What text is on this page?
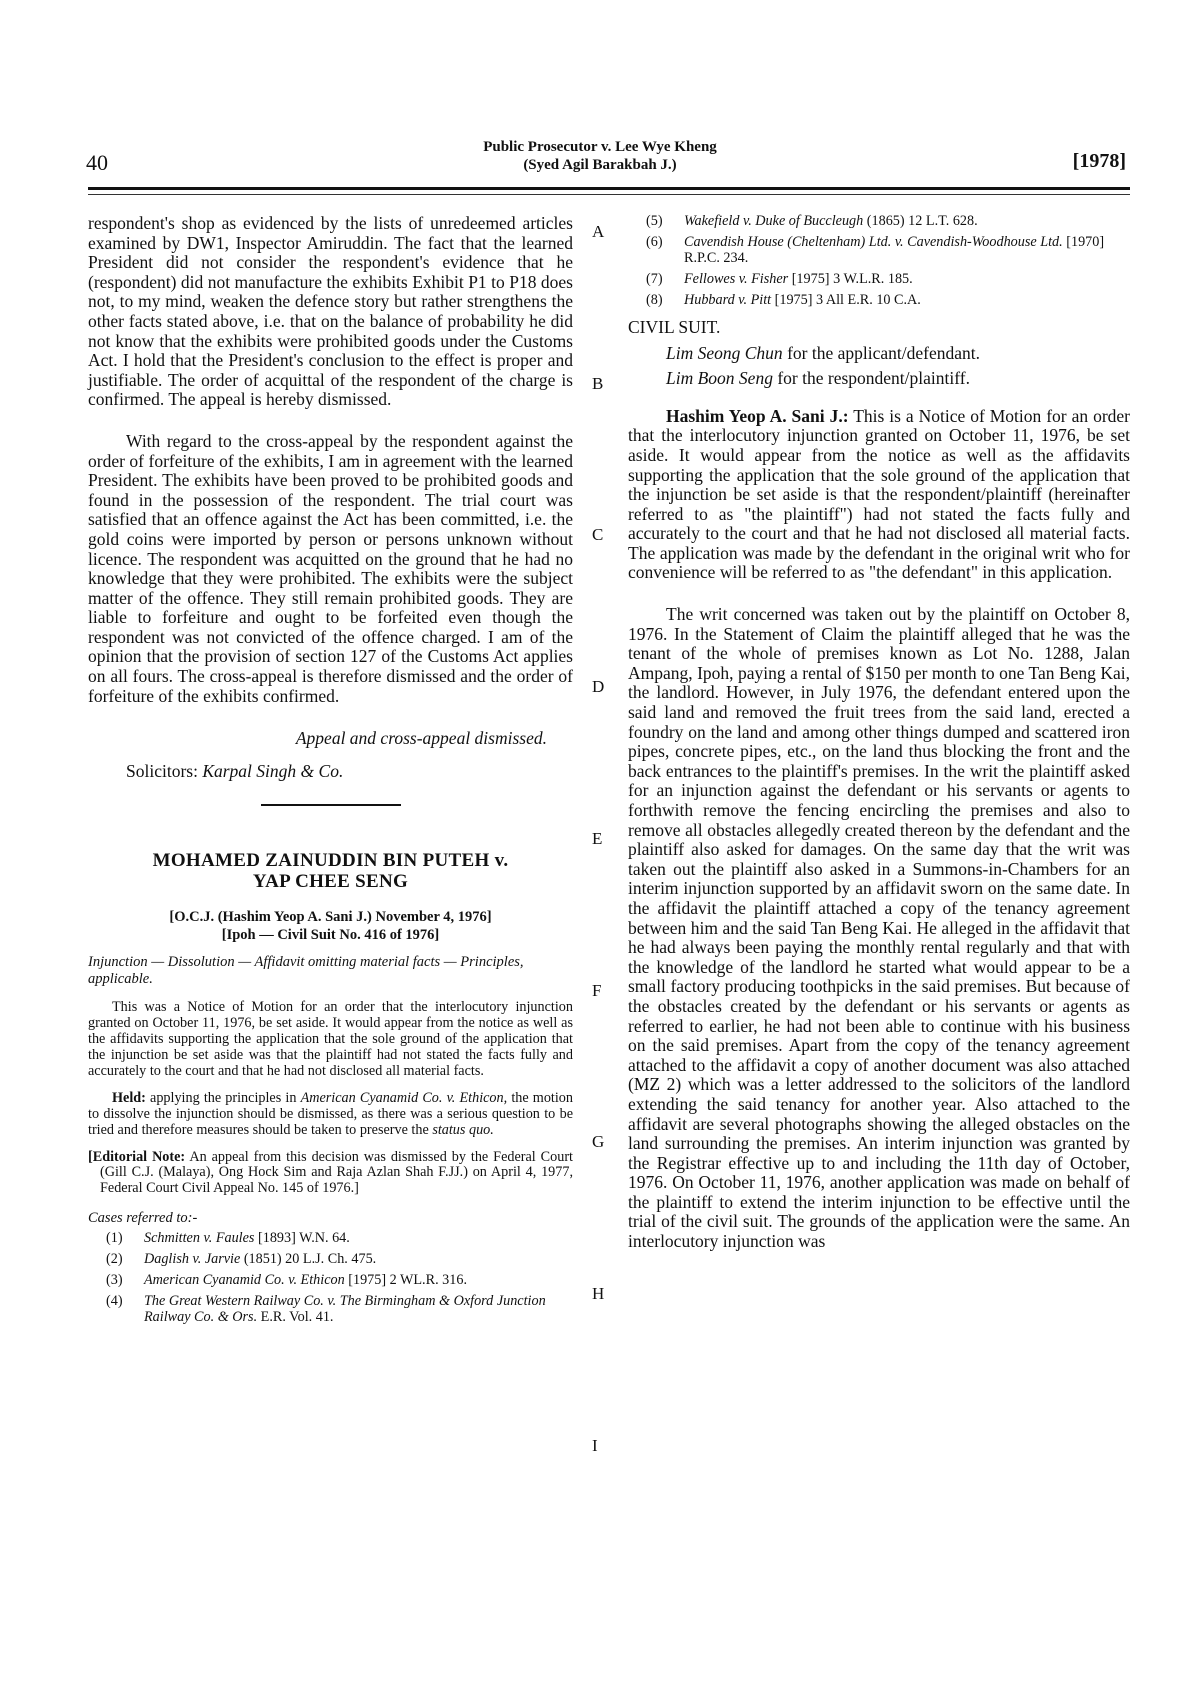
40
Public Prosecutor v. Lee Wye Kheng
(Syed Agil Barakbah J.)	[1978]
A
B
C
D
E
F
G
H
I

respondent's shop as evidenced by the lists of unredeemed articles examined by DW1, Inspector Amiruddin. The fact that the learned President did not consider the respondent's evidence that he (respondent) did not manufacture the exhibits Exhibit P1 to P18 does not, to my mind, weaken the defence story but rather strengthens the other facts stated above, i.e. that on the balance of probability he did not know that the exhibits were prohibited goods under the Customs Act. I hold that the President's conclusion to the effect is proper and justifiable. The order of acquittal of the respondent of the charge is confirmed. The appeal is hereby dismissed.

With regard to the cross-appeal by the respondent against the order of forfeiture of the exhibits, I am in agreement with the learned President. The exhibits have been proved to be prohibited goods and found in the possession of the respondent. The trial court was satisfied that an offence against the Act has been committed, i.e. the gold coins were imported by person or persons unknown without licence. The respondent was acquitted on the ground that he had no knowledge that they were prohibited. The exhibits were the subject matter of the offence. They still remain prohibited goods. They are liable to forfeiture and ought to be forfeited even though the respondent was not convicted of the offence charged. I am of the opinion that the provision of section 127 of the Customs Act applies on all fours. The cross-appeal is therefore dismissed and the order of forfeiture of the exhibits confirmed.

Appeal and cross-appeal dismissed.

Solicitors: Karpal Singh & Co.

MOHAMED ZAINUDDIN BIN PUTEH v.
YAP CHEE SENG

[O.C.J. (Hashim Yeop A. Sani J.) November 4, 1976]

[Ipoh — Civil Suit No. 416 of 1976]

Injunction — Dissolution — Affidavit omitting material facts — Principles, applicable.

This was a Notice of Motion for an order that the interlocutory injunction granted on October 11, 1976, be set aside. It would appear from the notice as well as the affidavits supporting the application that the sole ground of the application that the injunction be set aside was that the plaintiff had not stated the facts fully and accurately to the court and that he had not disclosed all material facts.

Held: applying the principles in American Cyanamid Co. v. Ethicon, the motion to dissolve the injunction should be dismissed, as there was a serious question to be tried and therefore measures should be taken to preserve the status quo.

[Editorial Note: An appeal from this decision was dismissed by the Federal Court (Gill C.J. (Malaya), Ong Hock Sim and Raja Azlan Shah F.JJ.) on April 4, 1977, Federal Court Civil Appeal No. 145 of 1976.]

Cases referred to:-

(1) Schmitten v. Faules [1893] W.N. 64.
(2) Daglish v. Jarvie (1851) 20 L.J. Ch. 475.
(3) American Cyanamid Co. v. Ethicon [1975] 2 WL.R. 316.
(4) The Great Western Railway Co. v. The Birmingham & Oxford Junction Railway Co. & Ors. E.R. Vol. 41.
(5) Wakefield v. Duke of Buccleugh (1865) 12 L.T. 628.
(6) Cavendish House (Cheltenham) Ltd. v. Cavendish-Woodhouse Ltd. [1970] R.P.C. 234.
(7) Fellowes v. Fisher [1975] 3 W.L.R. 185.
(8) Hubbard v. Pitt [1975] 3 All E.R. 10 C.A.

CIVIL SUIT.

Lim Seong Chun for the applicant/defendant.

Lim Boon Seng for the respondent/plaintiff.

Hashim Yeop A. Sani J.: This is a Notice of Motion for an order that the interlocutory injunction granted on October 11, 1976, be set aside. It would appear from the notice as well as the affidavits supporting the application that the sole ground of the application that the injunction be set aside is that the respondent/plaintiff (hereinafter referred to as "the plaintiff") had not stated the facts fully and accurately to the court and that he had not disclosed all material facts. The application was made by the defendant in the original writ who for convenience will be referred to as "the defendant" in this application.

The writ concerned was taken out by the plaintiff on October 8, 1976. In the Statement of Claim the plaintiff alleged that he was the tenant of the whole of premises known as Lot No. 1288, Jalan Ampang, Ipoh, paying a rental of $150 per month to one Tan Beng Kai, the landlord. However, in July 1976, the defendant entered upon the said land and removed the fruit trees from the said land, erected a foundry on the land and among other things dumped and scattered iron pipes, concrete pipes, etc., on the land thus blocking the front and the back entrances to the plaintiff's premises. In the writ the plaintiff asked for an injunction against the defendant or his servants or agents to forthwith remove the fencing encircling the premises and also to remove all obstacles allegedly created thereon by the defendant and the plaintiff also asked for damages. On the same day that the writ was taken out the plaintiff also asked in a Summons-in-Chambers for an interim injunction supported by an affidavit sworn on the same date. In the affidavit the plaintiff attached a copy of the tenancy agreement between him and the said Tan Beng Kai. He alleged in the affidavit that he had always been paying the monthly rental regularly and that with the knowledge of the landlord he started what would appear to be a small factory producing toothpicks in the said premises. But because of the obstacles created by the defendant or his servants or agents as referred to earlier, he had not been able to continue with his business on the said premises. Apart from the copy of the tenancy agreement attached to the affidavit a copy of another document was also attached (MZ 2) which was a letter addressed to the solicitors of the landlord extending the said tenancy for another year. Also attached to the affidavit are several photographs showing the alleged obstacles on the land surrounding the premises. An interim injunction was granted by the Registrar effective up to and including the 11th day of October, 1976. On October 11, 1976, another application was made on behalf of the plaintiff to extend the interim injunction to be effective until the trial of the civil suit. The grounds of the application were the same. An interlocutory injunction was
